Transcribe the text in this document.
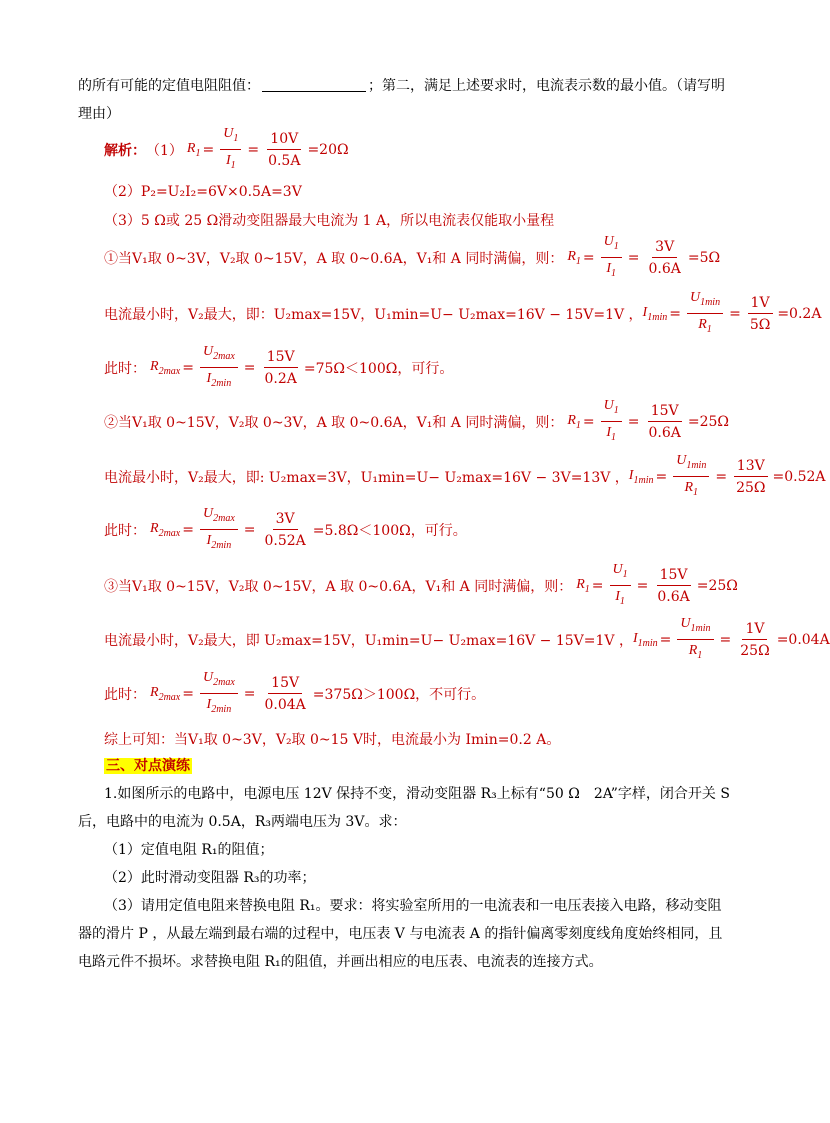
的所有可能的定值电阻阻值：	；第二，满足上述要求时，电流表示数的最小值。（请写明
理由）
解析： （1） $R_1 = \frac{U_1}{I_1} = \frac{10V}{0.5A} =20\Omega$
（2）P₂=U₂I₂=6V×0.5A=3V
（3）5 Ω或 25 Ω滑动变阻器最大电流为 1 A，所以电流表仅能取小量程
①当V₁取 0~3V，V₂取 0~15V，A 取 0~0.6A，V₁和 A 同时满偏，则： $R_1 = \frac{U_1}{I_1} = \frac{3V}{0.6A} =5\Omega$
电流最小时，V₂最大，即：U₂max=15V，U₁min=U− U₂max=16V − 15V=1V ， $I_{1min} = \frac{U_{1min}}{R_1} = \frac{1V}{5\Omega} =0.2A$
此时： $R_{2max} = \frac{U_{2max}}{I_{2min}} = \frac{15V}{0.2A} =75\Omega<100\Omega$，可行。
②当V₁取 0~15V，V₂取 0~3V，A 取 0~0.6A，V₁和 A 同时满偏，则： $R_1 = \frac{U_1}{I_1} = \frac{15V}{0.6A} =25\Omega$
电流最小时，V₂最大，即: U₂max=3V，U₁min=U− U₂max=16V − 3V=13V ， $I_{1min} = \frac{U_{1min}}{R_1} = \frac{13V}{25\Omega} =0.52A$
此时： $R_{2max} = \frac{U_{2max}}{I_{2min}} = \frac{3V}{0.52A} =5.8\Omega<100\Omega$，可行。
③当V₁取 0~15V，V₂取 0~15V，A 取 0~0.6A，V₁和 A 同时满偏，则： $R_1 = \frac{U_1}{I_1} = \frac{15V}{0.6A} =25\Omega$
电流最小时，V₂最大，即 U₂max=15V，U₁min=U− U₂max=16V − 15V=1V ， $I_{1min} = \frac{U_{1min}}{R_1} = \frac{1V}{25\Omega} =0.04A$
此时： $R_{2max} = \frac{U_{2max}}{I_{2min}} = \frac{15V}{0.04A} =375\Omega>100\Omega$，不可行。
综上可知：当V₁取 0~3V，V₂取 0~15 V时，电流最小为 Imin=0.2 A。
三、对点演练
1.如图所示的电路中，电源电压 12V 保持不变，滑动变阻器 R₃上标有“50 Ω　2A”字样，闭合开关 S
后，电路中的电流为 0.5A，R₃两端电压为 3V。求：
（1）定值电阻 R₁的阻值；
（2）此时滑动变阻器 R₃的功率；
（3）请用定值电阻来替换电阻 R₁。要求：将实验室所用的一电流表和一电压表接入电路，移动变阻
器的滑片 P ，从最左端到最右端的过程中，电压表 V 与电流表 A 的指针偏离零刻度线角度始终相同，且
电路元件不损坏。求替换电阻 R₁的阻值，并画出相应的电压表、电流表的连接方式。
